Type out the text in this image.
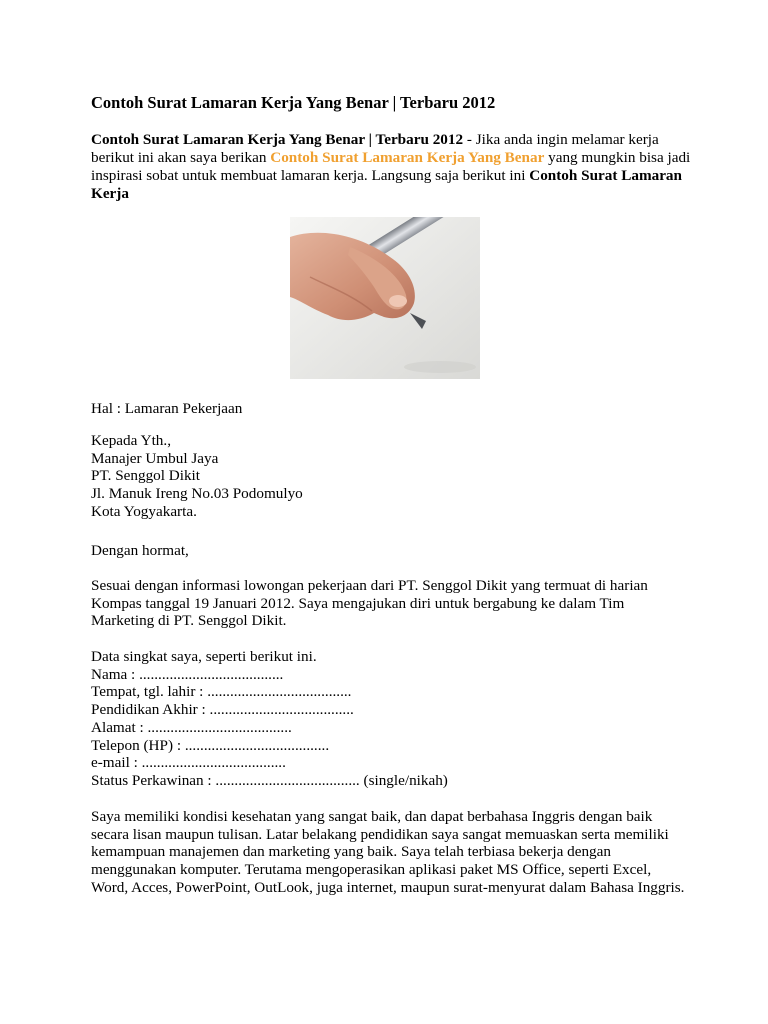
Contoh Surat Lamaran Kerja Yang Benar | Terbaru 2012

Contoh Surat Lamaran Kerja Yang Benar | Terbaru 2012 - Jika anda ingin melamar kerja berikut ini akan saya berikan Contoh Surat Lamaran Kerja Yang Benar yang mungkin bisa jadi inspirasi sobat untuk membuat lamaran kerja. Langsung saja berikut ini Contoh Surat Lamaran Kerja

Hal : Lamaran Pekerjaan

Kepada Yth.,
Manajer Umbul Jaya
PT. Senggol Dikit
Jl. Manuk Ireng No.03 Podomulyo
Kota Yogyakarta.

Dengan hormat,

Sesuai dengan informasi lowongan pekerjaan dari PT. Senggol Dikit yang termuat di harian Kompas tanggal 19 Januari 2012. Saya mengajukan diri untuk bergabung ke dalam Tim Marketing di PT. Senggol Dikit.

Data singkat saya, seperti berikut ini.
Nama : ......................................
Tempat, tgl. lahir : ......................................
Pendidikan Akhir : ......................................
Alamat : ......................................
Telepon (HP) : ......................................
e-mail : ......................................
Status Perkawinan : ...................................... (single/nikah)

Saya memiliki kondisi kesehatan yang sangat baik, dan dapat berbahasa Inggris dengan baik secara lisan maupun tulisan. Latar belakang pendidikan saya sangat memuaskan serta memiliki kemampuan manajemen dan marketing yang baik. Saya telah terbiasa bekerja dengan menggunakan komputer. Terutama mengoperasikan aplikasi paket MS Office, seperti Excel, Word, Acces, PowerPoint, OutLook, juga internet, maupun surat-menyurat dalam Bahasa Inggris.
